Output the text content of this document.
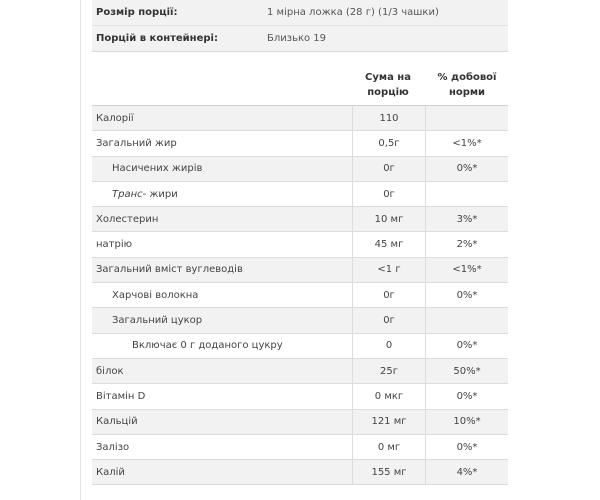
Розмір порції:	1 мірна ложка (28 г) (1/3 чашки)
Порцій в контейнері:	Близько 19
Сума на порцію
% добової норми
Калорії	110	
Загальний жир	0,5г	<1%*
Насичених жирів	0г	0%*
Транс- жири	0г	
Холестерин	10 мг	3%*
натрію	45 мг	2%*
Загальний вміст вуглеводів	<1 г	<1%*
Харчові волокна	0г	0%*
Загальний цукор	0г	
Включає 0 г доданого цукру	0	0%*
білок	25г	50%*
Вітамін D	0 мкг	0%*
Кальцій	121 мг	10%*
Залізо	0 мг	0%*
Калій	155 мг	4%*
